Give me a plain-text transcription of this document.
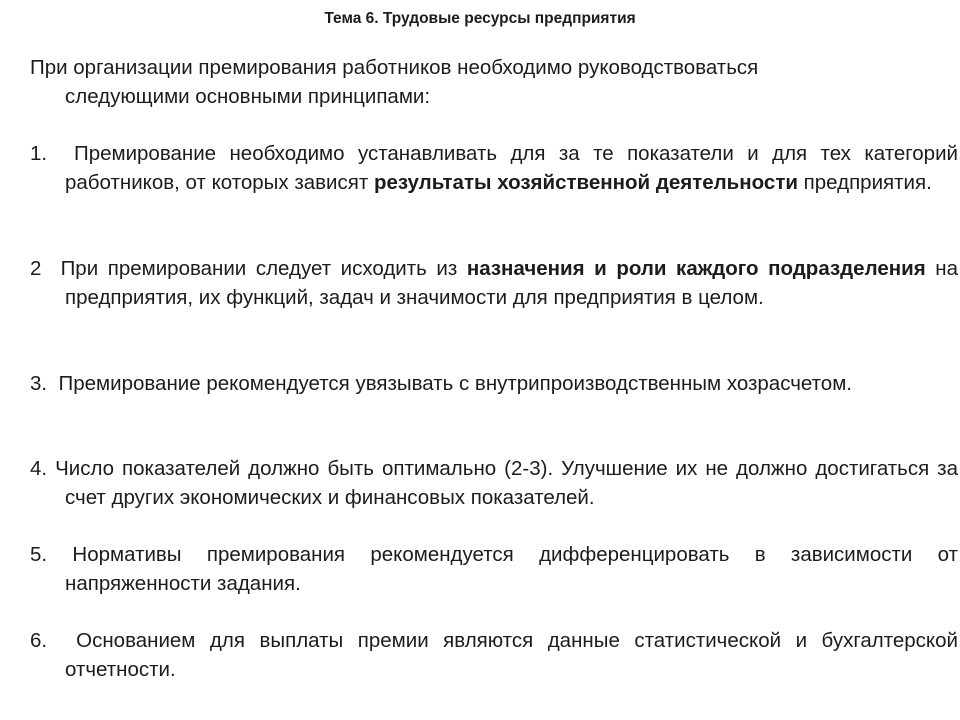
Тема 6. Трудовые ресурсы предприятия
При организации премирования работников необходимо руководствоваться
следующими основными принципами:
1. Премирование необходимо устанавливать для за те показатели и для тех категорий работников, от которых зависят результаты хозяйственной деятельности предприятия.
2 При премировании следует исходить из назначения и роли каждого подразделения на предприятия, их функций, задач и значимости для предприятия в целом.
3. Премирование рекомендуется увязывать с внутрипроизводственным хозрасчетом.
4. Число показателей должно быть оптимально (2-3). Улучшение их не должно достигаться за счет других экономических и финансовых показателей.
5. Нормативы премирования рекомендуется дифференцировать в зависимости от напряженности задания.
6. Основанием для выплаты премии являются данные статистической и бухгалтерской отчетности.
